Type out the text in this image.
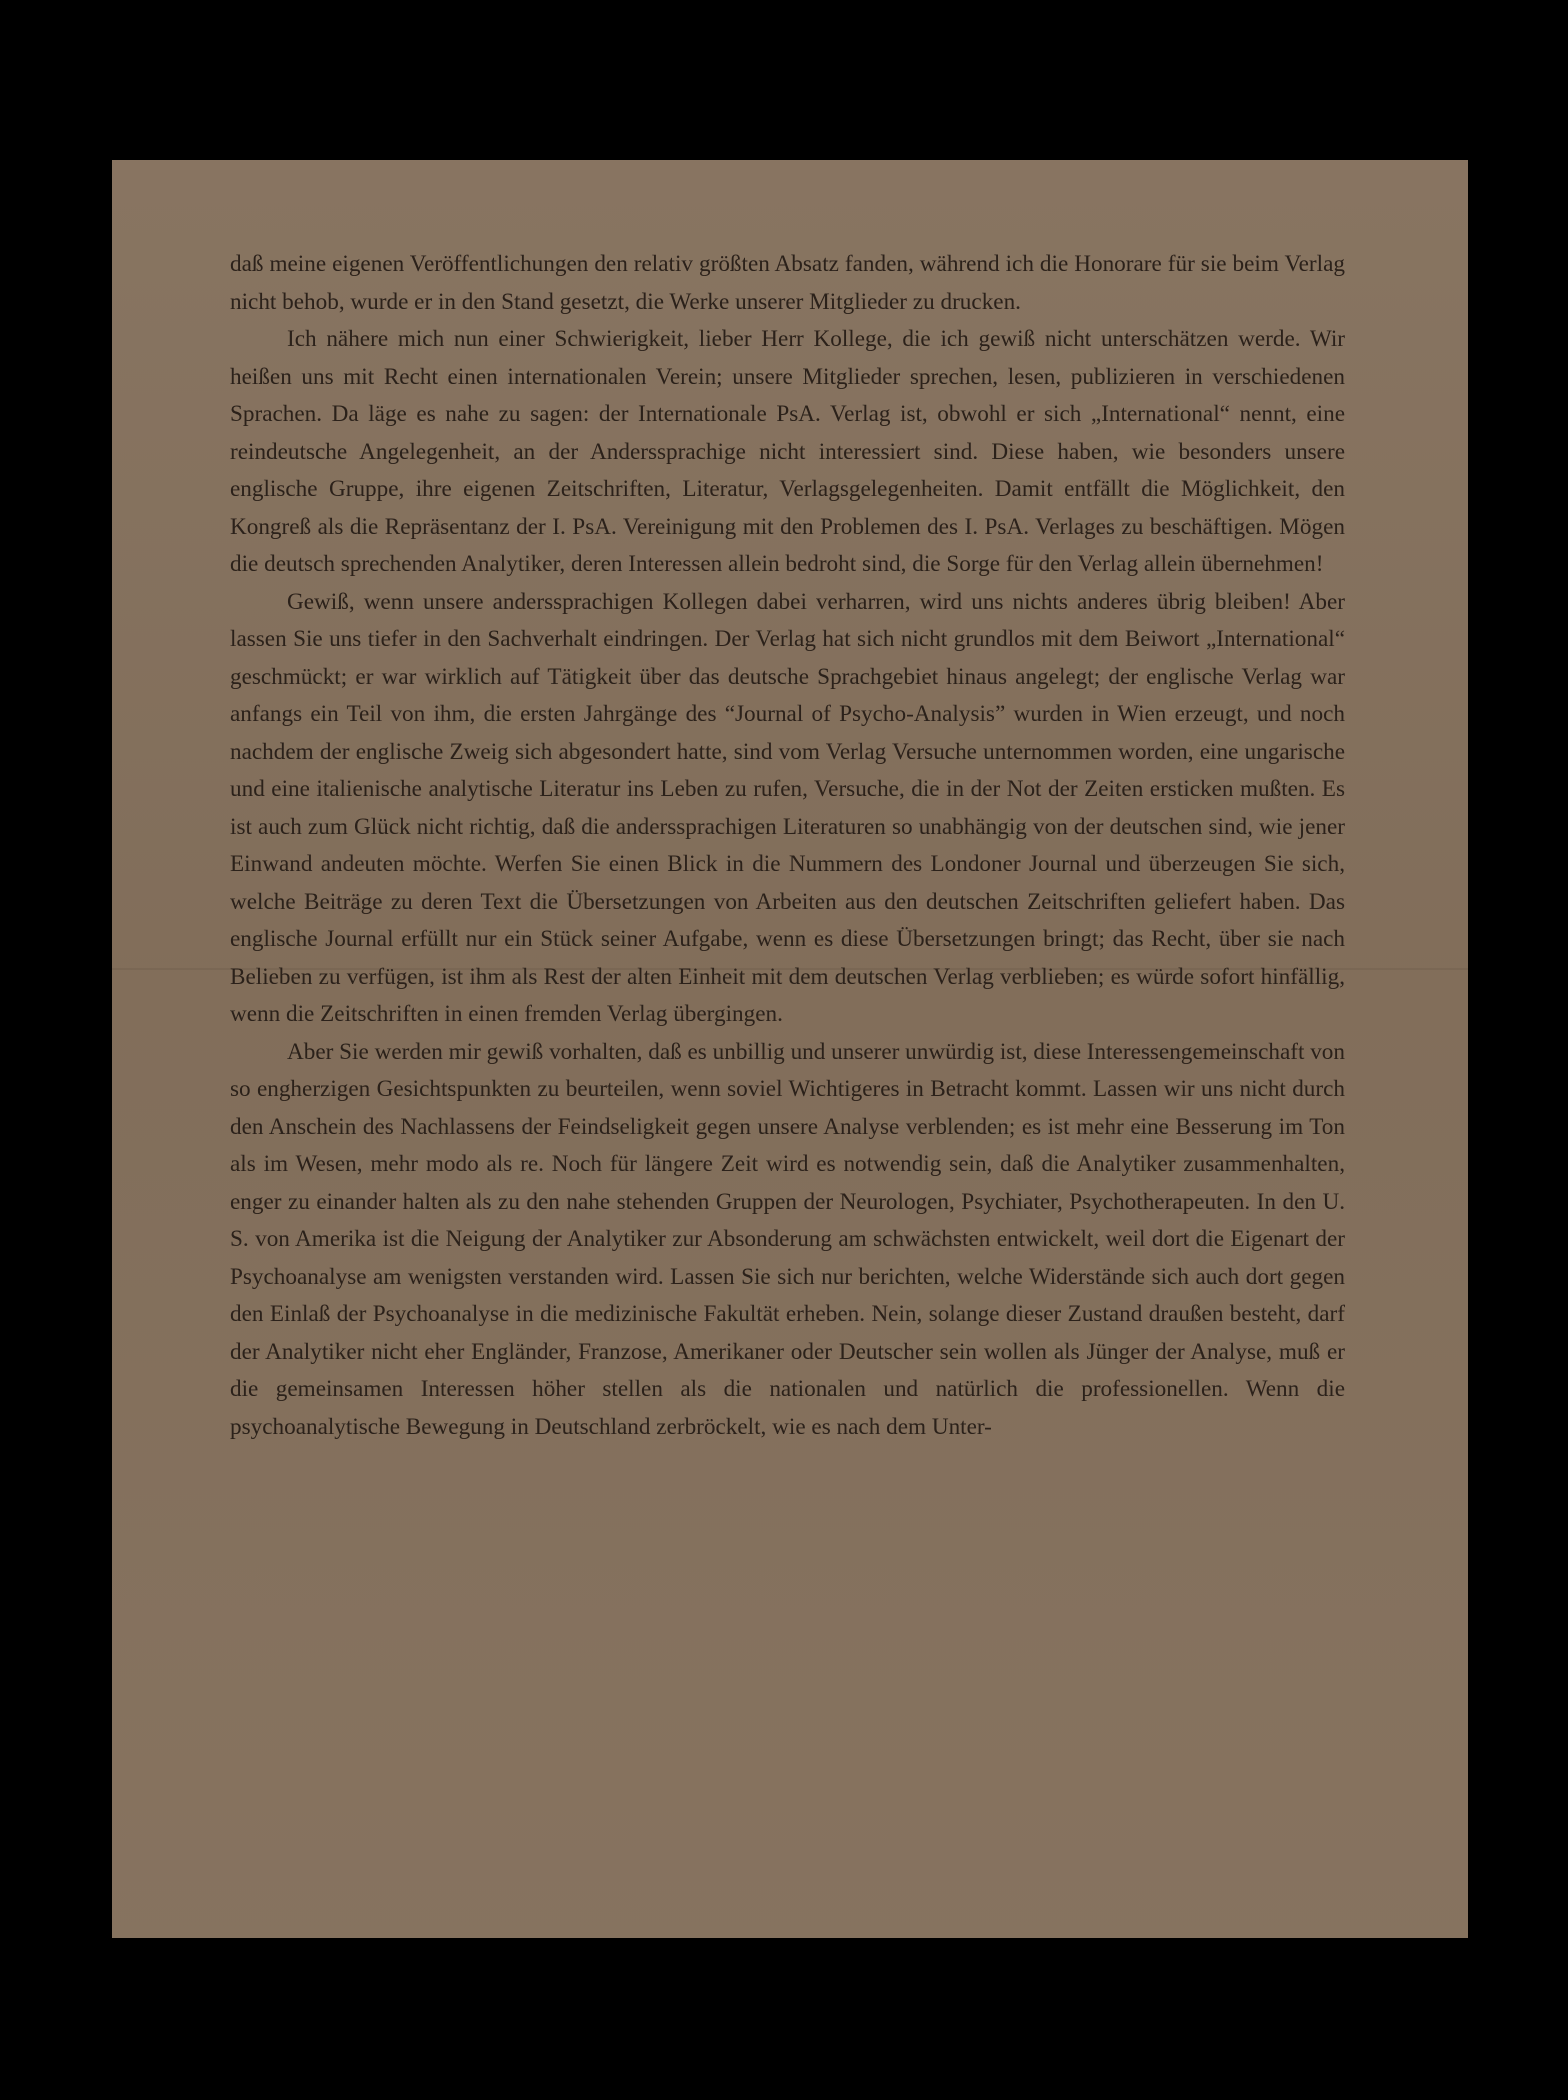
daß meine eigenen Veröffentlichungen den relativ größten Absatz fanden, während ich die Honorare für sie beim Verlag nicht behob, wurde er in den Stand gesetzt, die Werke unserer Mitglieder zu drucken.

Ich nähere mich nun einer Schwierigkeit, lieber Herr Kollege, die ich gewiß nicht unterschätzen werde. Wir heißen uns mit Recht einen internationalen Verein; unsere Mitglieder sprechen, lesen, publizieren in verschiedenen Sprachen. Da läge es nahe zu sagen: der Internationale PsA. Verlag ist, obwohl er sich „International“ nennt, eine reindeutsche Angelegenheit, an der Anderssprachige nicht interessiert sind. Diese haben, wie besonders unsere englische Gruppe, ihre eigenen Zeitschriften, Literatur, Verlagsgelegenheiten. Damit entfällt die Möglichkeit, den Kongreß als die Repräsentanz der I. PsA. Vereinigung mit den Problemen des I. PsA. Verlages zu beschäftigen. Mögen die deutsch sprechenden Analytiker, deren Interessen allein bedroht sind, die Sorge für den Verlag allein übernehmen!

Gewiß, wenn unsere anderssprachigen Kollegen dabei verharren, wird uns nichts anderes übrig bleiben! Aber lassen Sie uns tiefer in den Sachverhalt eindringen. Der Verlag hat sich nicht grundlos mit dem Beiwort „International“ geschmückt; er war wirklich auf Tätigkeit über das deutsche Sprachgebiet hinaus angelegt; der englische Verlag war anfangs ein Teil von ihm, die ersten Jahrgänge des “Journal of Psycho-Analysis” wurden in Wien erzeugt, und noch nachdem der englische Zweig sich abgesondert hatte, sind vom Verlag Versuche unternommen worden, eine ungarische und eine italienische analytische Literatur ins Leben zu rufen, Versuche, die in der Not der Zeiten ersticken mußten. Es ist auch zum Glück nicht richtig, daß die anderssprachigen Literaturen so unabhängig von der deutschen sind, wie jener Einwand andeuten möchte. Werfen Sie einen Blick in die Nummern des Londoner Journal und überzeugen Sie sich, welche Beiträge zu deren Text die Übersetzungen von Arbeiten aus den deutschen Zeitschriften geliefert haben. Das englische Journal erfüllt nur ein Stück seiner Aufgabe, wenn es diese Übersetzungen bringt; das Recht, über sie nach Belieben zu verfügen, ist ihm als Rest der alten Einheit mit dem deutschen Verlag verblieben; es würde sofort hinfällig, wenn die Zeitschriften in einen fremden Verlag übergingen.

Aber Sie werden mir gewiß vorhalten, daß es unbillig und unserer unwürdig ist, diese Interessengemeinschaft von so engherzigen Gesichtspunkten zu beurteilen, wenn soviel Wichtigeres in Betracht kommt. Lassen wir uns nicht durch den Anschein des Nachlassens der Feindseligkeit gegen unsere Analyse verblenden; es ist mehr eine Besserung im Ton als im Wesen, mehr modo als re. Noch für längere Zeit wird es notwendig sein, daß die Analytiker zusammenhalten, enger zu einander halten als zu den nahe stehenden Gruppen der Neurologen, Psychiater, Psychotherapeuten. In den U. S. von Amerika ist die Neigung der Analytiker zur Absonderung am schwächsten entwickelt, weil dort die Eigenart der Psychoanalyse am wenigsten verstanden wird. Lassen Sie sich nur berichten, welche Widerstände sich auch dort gegen den Einlaß der Psychoanalyse in die medizinische Fakultät erheben. Nein, solange dieser Zustand draußen besteht, darf der Analytiker nicht eher Engländer, Franzose, Amerikaner oder Deutscher sein wollen als Jünger der Analyse, muß er die gemeinsamen Interessen höher stellen als die nationalen und natürlich die professionellen. Wenn die psychoanalytische Bewegung in Deutschland zerbröckelt, wie es nach dem Unter-
